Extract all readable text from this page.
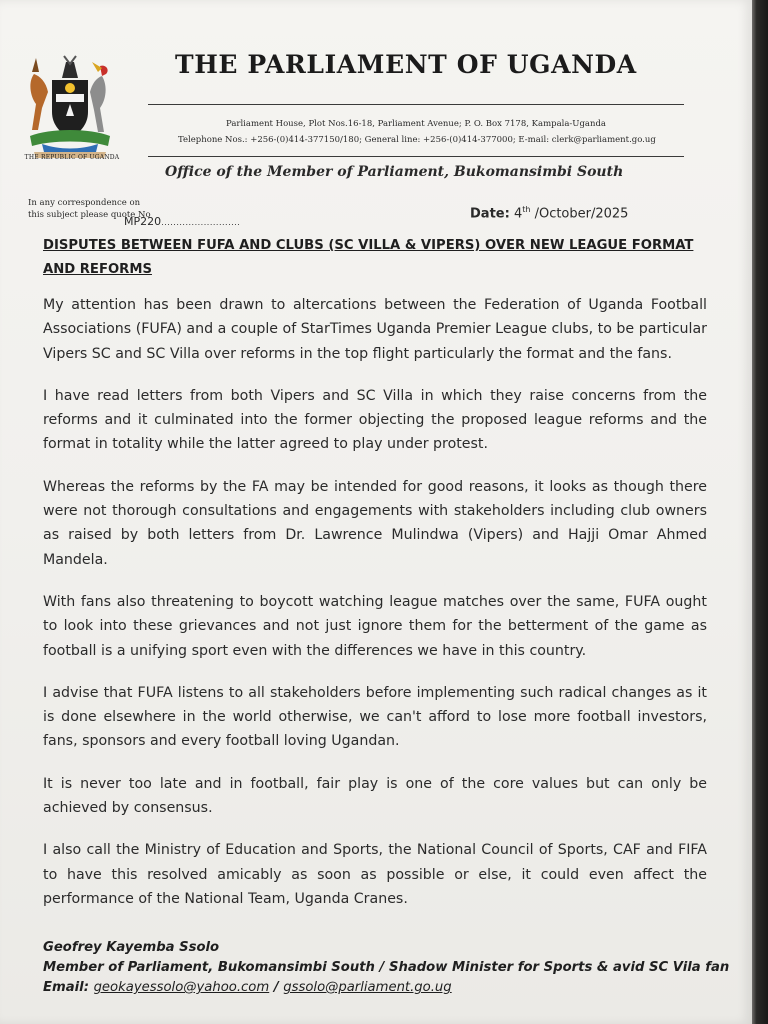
THE REPUBLIC OF UGANDA
THE PARLIAMENT OF UGANDA
Parliament House, Plot Nos.16-18, Parliament Avenue; P. O. Box 7178, Kampala-Uganda
Telephone Nos.: +256-(0)414-377150/180; General line: +256-(0)414-377000; E-mail: clerk@parliament.go.ug
Office of the Member of Parliament, Bukomansimbi South
In any correspondence on
this subject please quote No
MP220..........................
Date: 4th /October/2025
DISPUTES BETWEEN FUFA AND CLUBS (SC VILLA & VIPERS) OVER NEW LEAGUE FORMAT AND REFORMS

My attention has been drawn to altercations between the Federation of Uganda Football Associations (FUFA) and a couple of StarTimes Uganda Premier League clubs, to be particular Vipers SC and SC Villa over reforms in the top flight particularly the format and the fans.

I have read letters from both Vipers and SC Villa in which they raise concerns from the reforms and it culminated into the former objecting the proposed league reforms and the format in totality while the latter agreed to play under protest.

Whereas the reforms by the FA may be intended for good reasons, it looks as though there were not thorough consultations and engagements with stakeholders including club owners as raised by both letters from Dr. Lawrence Mulindwa (Vipers) and Hajji Omar Ahmed Mandela.

With fans also threatening to boycott watching league matches over the same, FUFA ought to look into these grievances and not just ignore them for the betterment of the game as football is a unifying sport even with the differences we have in this country.

I advise that FUFA listens to all stakeholders before implementing such radical changes as it is done elsewhere in the world otherwise, we can't afford to lose more football investors, fans, sponsors and every football loving Ugandan.

It is never too late and in football, fair play is one of the core values but can only be achieved by consensus.

I also call the Ministry of Education and Sports, the National Council of Sports, CAF and FIFA to have this resolved amicably as soon as possible or else, it could even affect the performance of the National Team, Uganda Cranes.

Geofrey Kayemba Ssolo
Member of Parliament, Bukomansimbi South / Shadow Minister for Sports & avid SC Vila fan
Email: geokayessolo@yahoo.com / gssolo@parliament.go.ug
